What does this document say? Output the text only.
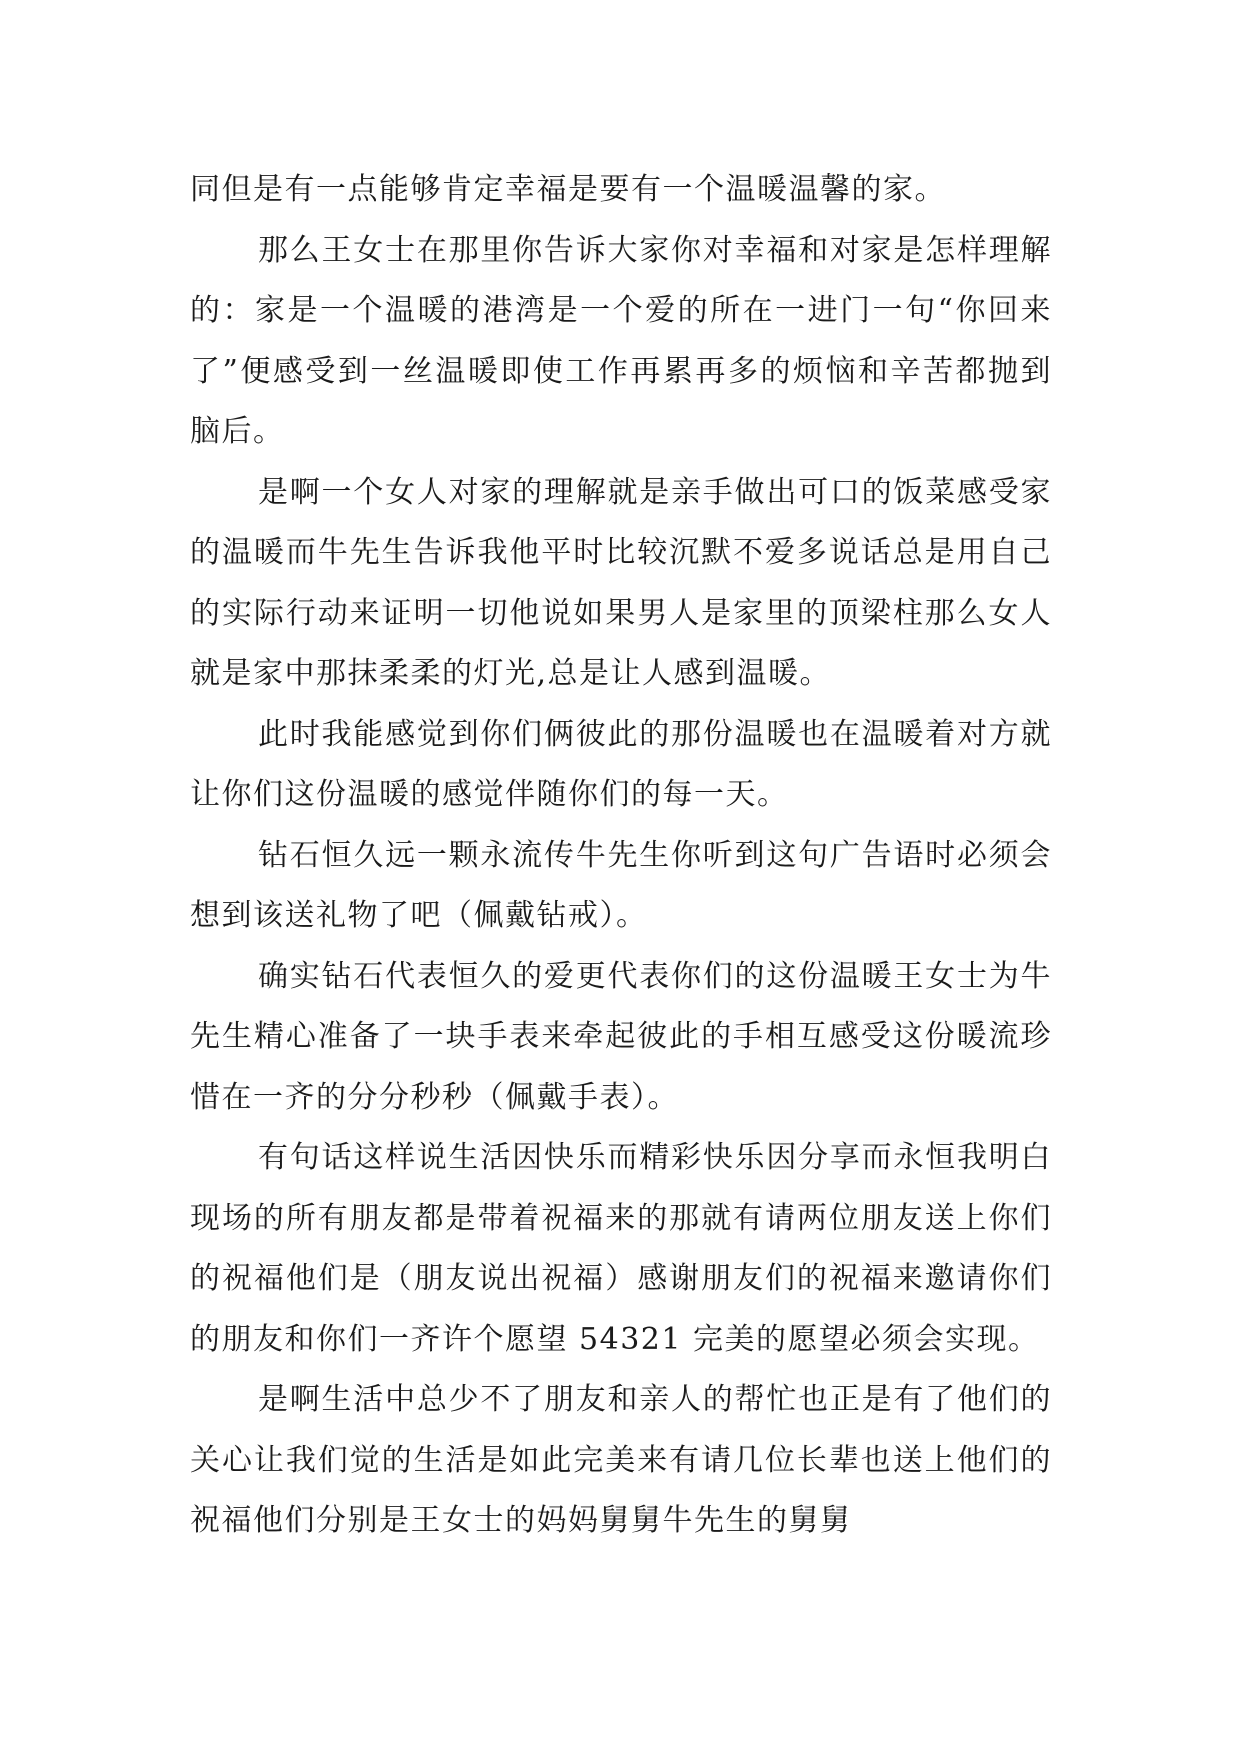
同但是有一点能够肯定幸福是要有一个温暖温馨的家。

那么王女士在那里你告诉大家你对幸福和对家是怎样理解的：家是一个温暖的港湾是一个爱的所在一进门一句“你回来了”便感受到一丝温暖即使工作再累再多的烦恼和辛苦都抛到脑后。

是啊一个女人对家的理解就是亲手做出可口的饭菜感受家的温暖而牛先生告诉我他平时比较沉默不爱多说话总是用自己的实际行动来证明一切他说如果男人是家里的顶梁柱那么女人就是家中那抹柔柔的灯光,总是让人感到温暖。

此时我能感觉到你们俩彼此的那份温暖也在温暖着对方就让你们这份温暖的感觉伴随你们的每一天。

钻石恒久远一颗永流传牛先生你听到这句广告语时必须会想到该送礼物了吧（佩戴钻戒）。

确实钻石代表恒久的爱更代表你们的这份温暖王女士为牛先生精心准备了一块手表来牵起彼此的手相互感受这份暖流珍惜在一齐的分分秒秒（佩戴手表）。

有句话这样说生活因快乐而精彩快乐因分享而永恒我明白现场的所有朋友都是带着祝福来的那就有请两位朋友送上你们的祝福他们是（朋友说出祝福）感谢朋友们的祝福来邀请你们的朋友和你们一齐许个愿望 54321 完美的愿望必须会实现。

是啊生活中总少不了朋友和亲人的帮忙也正是有了他们的关心让我们觉的生活是如此完美来有请几位长辈也送上他们的祝福他们分别是王女士的妈妈舅舅牛先生的舅舅
